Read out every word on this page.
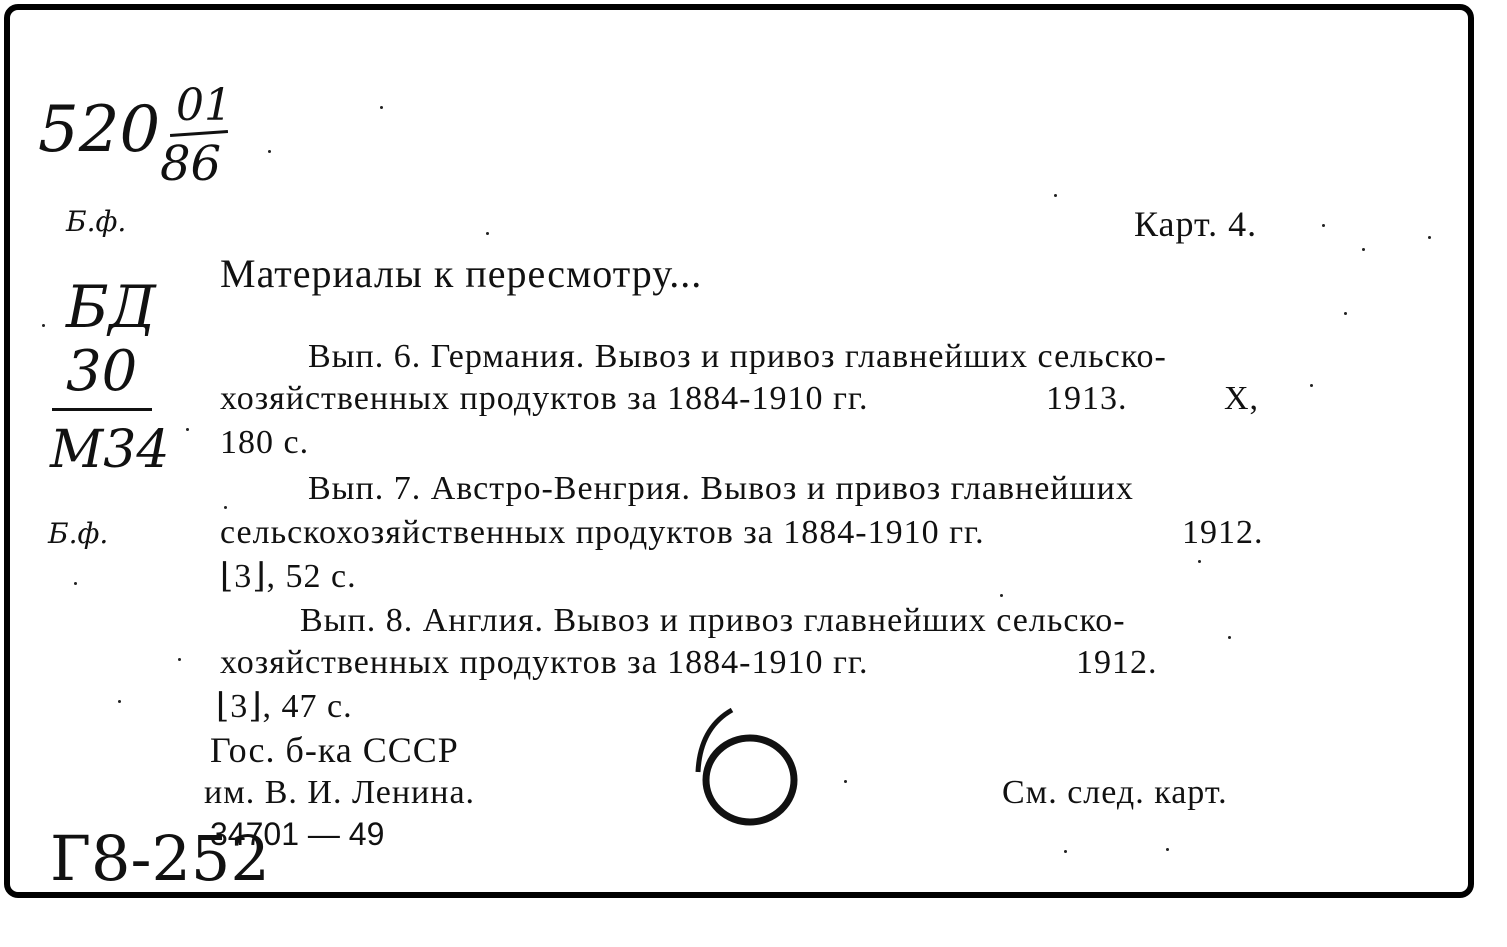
520 01
86
Б.ф.
БД
30
М34
Б.ф.
Карт. 4.
Материалы к пересмотру...
Вып. 6. Германия. Вывоз и привоз главнейших сельско-
хозяйственных продуктов за 1884-1910 гг.	1913.	X,
180 с.
Вып. 7. Австро-Венгрия. Вывоз и привоз главнейших
сельскохозяйственных продуктов за 1884-1910 гг.	1912.
⌊3⌋, 52 с.
Вып. 8. Англия. Вывоз и привоз главнейших сельско-
хозяйственных продуктов за 1884-1910 гг.	1912.
⌊3⌋, 47 с.
Гос. б-ка СССР
им. В. И. Ленина.	См. след. карт.
34701 — 49
Г8-252
